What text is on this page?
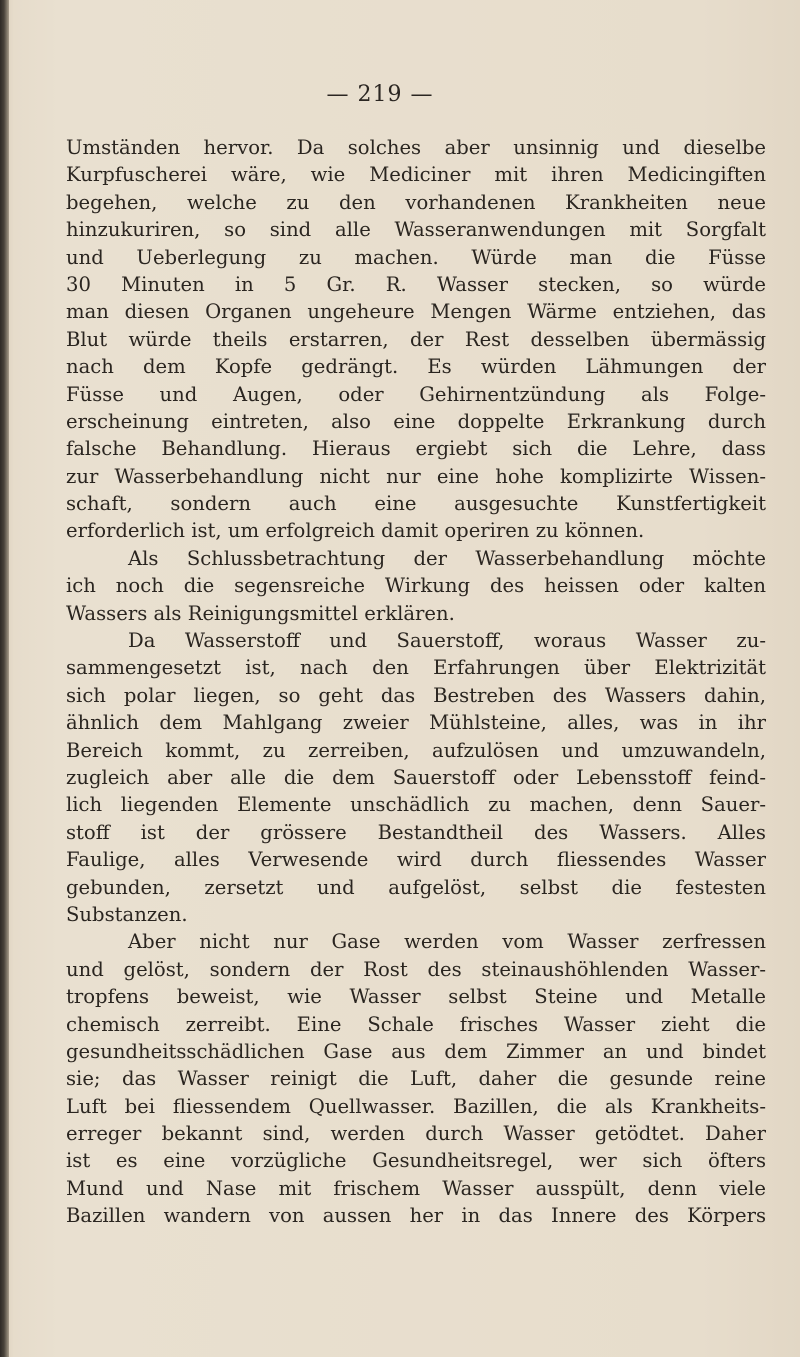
— 219 —
Umständen hervor. Da solches aber unsinnig und dieselbe
Kurpfuscherei wäre, wie Mediciner mit ihren Medicingiften
begehen, welche zu den vorhandenen Krankheiten neue
hinzukuriren, so sind alle Wasseranwendungen mit Sorgfalt
und Ueberlegung zu machen. Würde man die Füsse
30 Minuten in 5 Gr. R. Wasser stecken, so würde
man diesen Organen ungeheure Mengen Wärme entziehen, das
Blut würde theils erstarren, der Rest desselben übermässig
nach dem Kopfe gedrängt. Es würden Lähmungen der
Füsse und Augen, oder Gehirnentzündung als Folge-
erscheinung eintreten, also eine doppelte Erkrankung durch
falsche Behandlung. Hieraus ergiebt sich die Lehre, dass
zur Wasserbehandlung nicht nur eine hohe komplizirte Wissen-
schaft, sondern auch eine ausgesuchte Kunstfertigkeit
erforderlich ist, um erfolgreich damit operiren zu können.
Als Schlussbetrachtung der Wasserbehandlung möchte
ich noch die segensreiche Wirkung des heissen oder kalten
Wassers als Reinigungsmittel erklären.
Da Wasserstoff und Sauerstoff, woraus Wasser zu-
sammengesetzt ist, nach den Erfahrungen über Elektrizität
sich polar liegen, so geht das Bestreben des Wassers dahin,
ähnlich dem Mahlgang zweier Mühlsteine, alles, was in ihr
Bereich kommt, zu zerreiben, aufzulösen und umzuwandeln,
zugleich aber alle die dem Sauerstoff oder Lebensstoff feind-
lich liegenden Elemente unschädlich zu machen, denn Sauer-
stoff ist der grössere Bestandtheil des Wassers. Alles
Faulige, alles Verwesende wird durch fliessendes Wasser
gebunden, zersetzt und aufgelöst, selbst die festesten
Substanzen.
Aber nicht nur Gase werden vom Wasser zerfressen
und gelöst, sondern der Rost des steinaushöhlenden Wasser-
tropfens beweist, wie Wasser selbst Steine und Metalle
chemisch zerreibt. Eine Schale frisches Wasser zieht die
gesundheitsschädlichen Gase aus dem Zimmer an und bindet
sie; das Wasser reinigt die Luft, daher die gesunde reine
Luft bei fliessendem Quellwasser. Bazillen, die als Krankheits-
erreger bekannt sind, werden durch Wasser getödtet. Daher
ist es eine vorzügliche Gesundheitsregel, wer sich öfters
Mund und Nase mit frischem Wasser ausspült, denn viele
Bazillen wandern von aussen her in das Innere des Körpers
